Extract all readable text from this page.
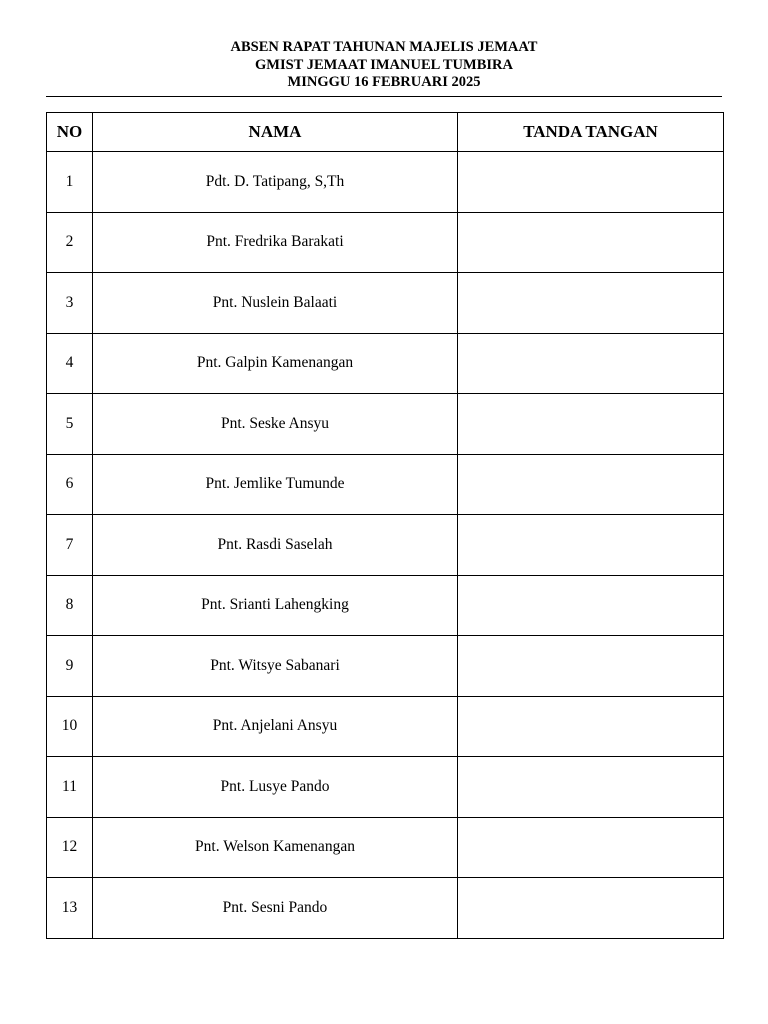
ABSEN RAPAT TAHUNAN MAJELIS JEMAAT
GMIST JEMAAT IMANUEL TUMBIRA
MINGGU 16 FEBRUARI 2025
NO	NAMA	TANDA TANGAN
1	Pdt. D. Tatipang, S,Th	
2	Pnt. Fredrika Barakati	
3	Pnt. Nuslein Balaati	
4	Pnt. Galpin Kamenangan	
5	Pnt. Seske Ansyu	
6	Pnt. Jemlike Tumunde	
7	Pnt. Rasdi Saselah	
8	Pnt. Srianti Lahengking	
9	Pnt. Witsye Sabanari	
10	Pnt. Anjelani Ansyu	
11	Pnt. Lusye Pando	
12	Pnt. Welson Kamenangan	
13	Pnt. Sesni Pando	
